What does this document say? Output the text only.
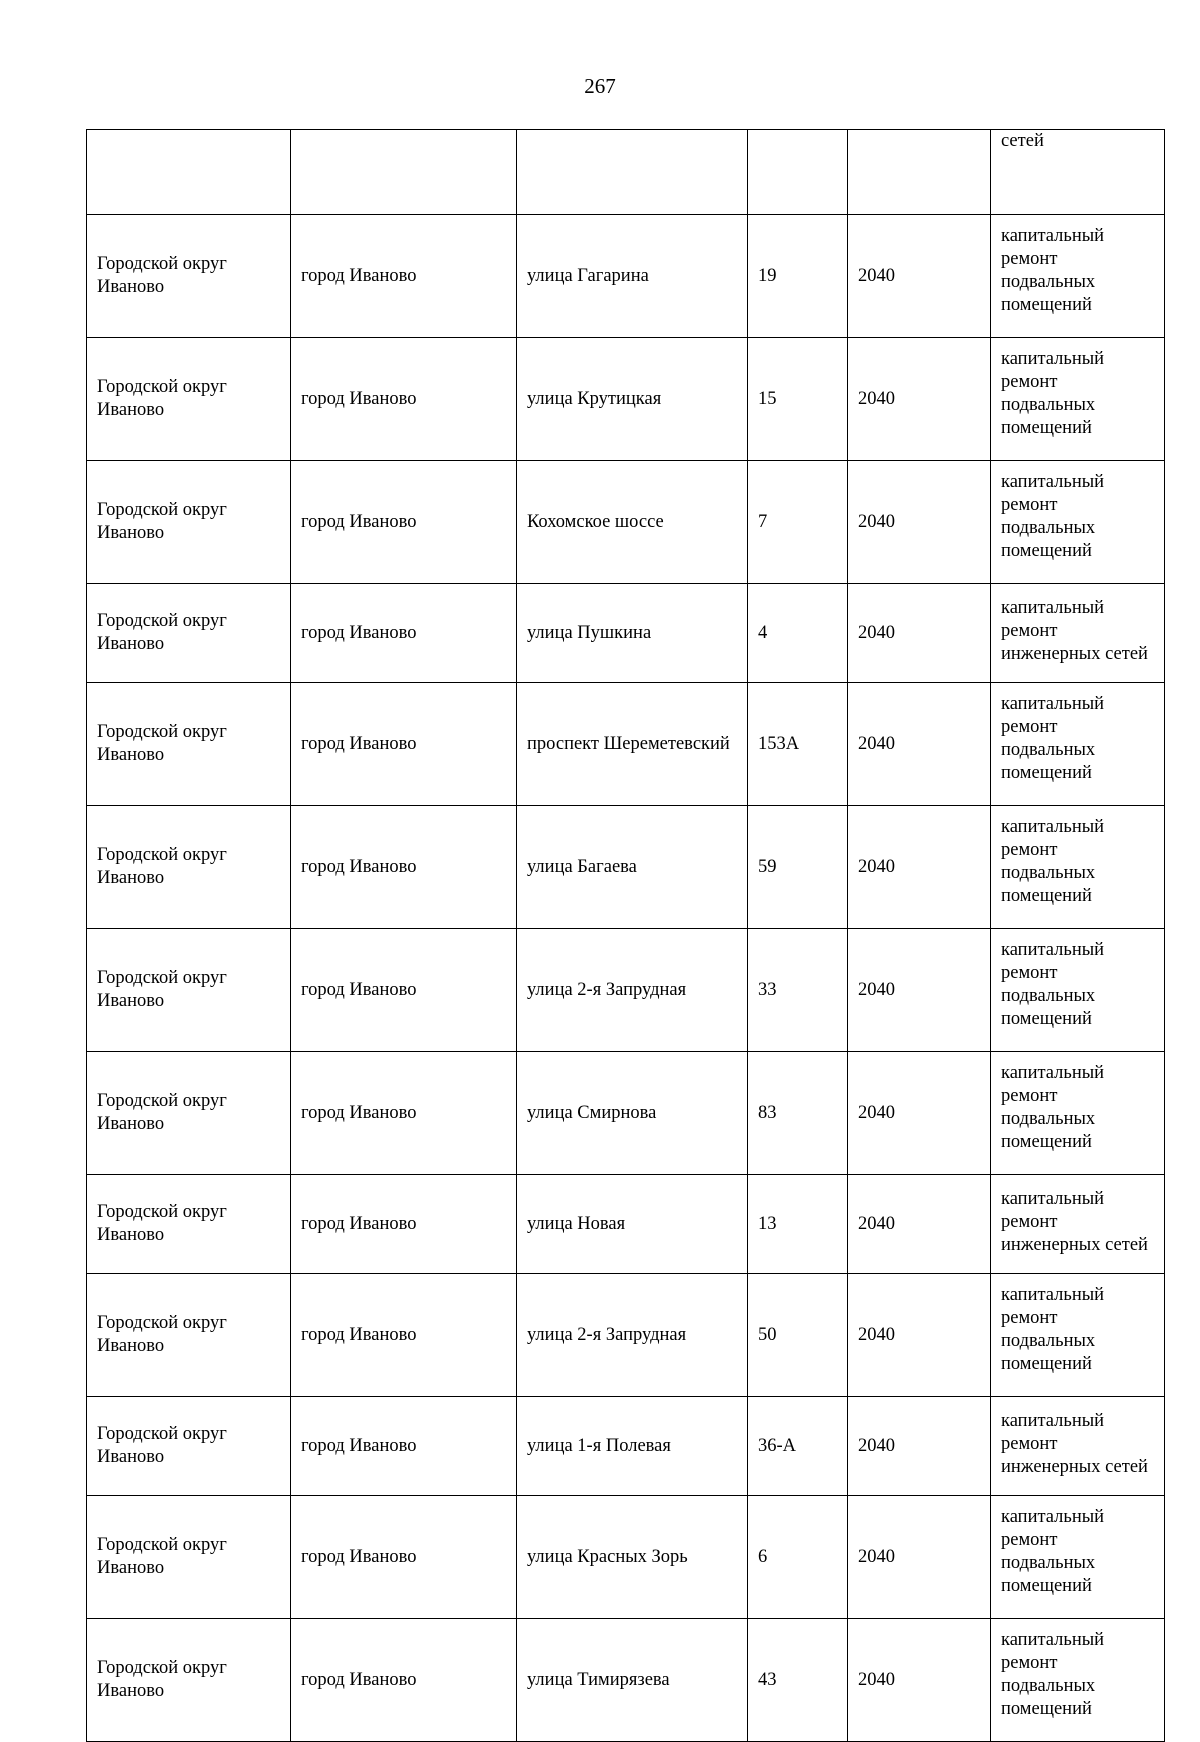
267
					сетей
Городской округ Иваново	город Иваново	улица Гагарина	19	2040	капитальный ремонт подвальных помещений
Городской округ Иваново	город Иваново	улица Крутицкая	15	2040	капитальный ремонт подвальных помещений
Городской округ Иваново	город Иваново	Кохомское шоссе	7	2040	капитальный ремонт подвальных помещений
Городской округ Иваново	город Иваново	улица Пушкина	4	2040	капитальный ремонт инженерных сетей
Городской округ Иваново	город Иваново	проспект Шереметевский	153А	2040	капитальный ремонт подвальных помещений
Городской округ Иваново	город Иваново	улица Багаева	59	2040	капитальный ремонт подвальных помещений
Городской округ Иваново	город Иваново	улица 2-я Запрудная	33	2040	капитальный ремонт подвальных помещений
Городской округ Иваново	город Иваново	улица Смирнова	83	2040	капитальный ремонт подвальных помещений
Городской округ Иваново	город Иваново	улица Новая	13	2040	капитальный ремонт инженерных сетей
Городской округ Иваново	город Иваново	улица 2-я Запрудная	50	2040	капитальный ремонт подвальных помещений
Городской округ Иваново	город Иваново	улица 1-я Полевая	36-А	2040	капитальный ремонт инженерных сетей
Городской округ Иваново	город Иваново	улица Красных Зорь	6	2040	капитальный ремонт подвальных помещений
Городской округ Иваново	город Иваново	улица Тимирязева	43	2040	капитальный ремонт подвальных помещений
